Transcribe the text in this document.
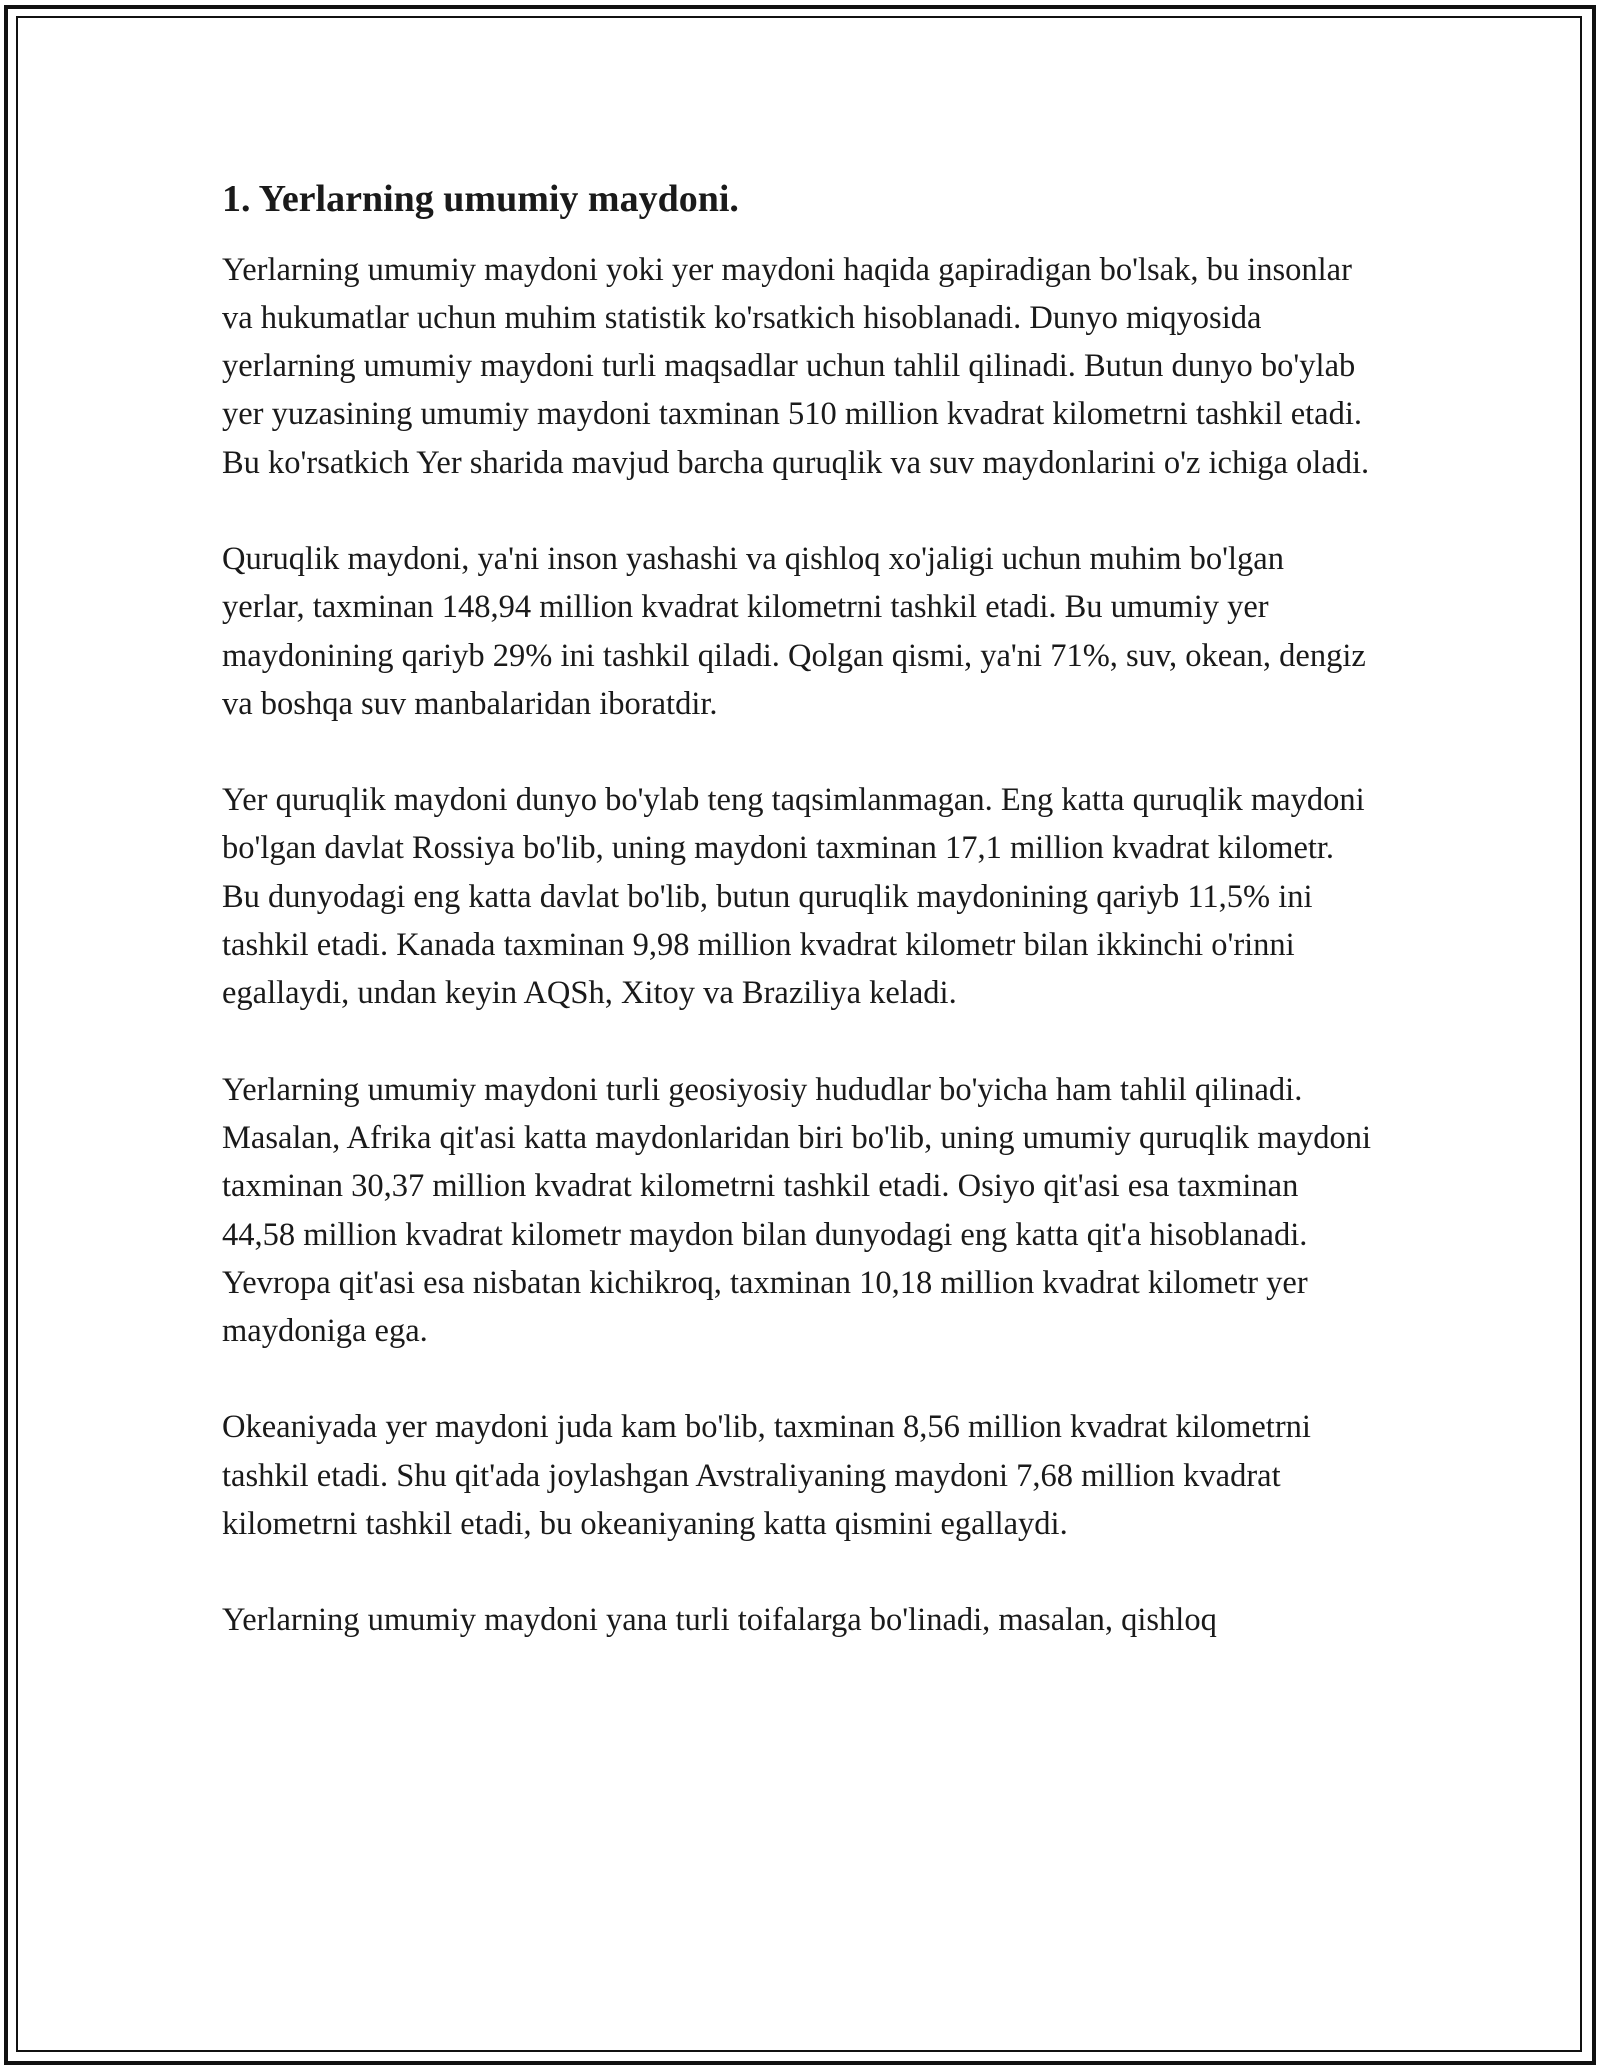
1. Yerlarning umumiy maydoni.

Yerlarning umumiy maydoni yoki yer maydoni haqida gapiradigan bo'lsak, bu insonlar va hukumatlar uchun muhim statistik ko'rsatkich hisoblanadi. Dunyo miqyosida yerlarning umumiy maydoni turli maqsadlar uchun tahlil qilinadi. Butun dunyo bo'ylab yer yuzasining umumiy maydoni taxminan 510 million kvadrat kilometrni tashkil etadi. Bu ko'rsatkich Yer sharida mavjud barcha quruqlik va suv maydonlarini o'z ichiga oladi.

Quruqlik maydoni, ya'ni inson yashashi va qishloq xo'jaligi uchun muhim bo'lgan yerlar, taxminan 148,94 million kvadrat kilometrni tashkil etadi. Bu umumiy yer maydonining qariyb 29% ini tashkil qiladi. Qolgan qismi, ya'ni 71%, suv, okean, dengiz va boshqa suv manbalaridan iboratdir.

Yer quruqlik maydoni dunyo bo'ylab teng taqsimlanmagan. Eng katta quruqlik maydoni bo'lgan davlat Rossiya bo'lib, uning maydoni taxminan 17,1 million kvadrat kilometr. Bu dunyodagi eng katta davlat bo'lib, butun quruqlik maydonining qariyb 11,5% ini tashkil etadi. Kanada taxminan 9,98 million kvadrat kilometr bilan ikkinchi o'rinni egallaydi, undan keyin AQSh, Xitoy va Braziliya keladi.

Yerlarning umumiy maydoni turli geosiyosiy hududlar bo'yicha ham tahlil qilinadi. Masalan, Afrika qit'asi katta maydonlaridan biri bo'lib, uning umumiy quruqlik maydoni taxminan 30,37 million kvadrat kilometrni tashkil etadi. Osiyo qit'asi esa taxminan 44,58 million kvadrat kilometr maydon bilan dunyodagi eng katta qit'a hisoblanadi. Yevropa qit'asi esa nisbatan kichikroq, taxminan 10,18 million kvadrat kilometr yer maydoniga ega.

Okeaniyada yer maydoni juda kam bo'lib, taxminan 8,56 million kvadrat kilometrni tashkil etadi. Shu qit'ada joylashgan Avstraliyaning maydoni 7,68 million kvadrat kilometrni tashkil etadi, bu okeaniyaning katta qismini egallaydi.

Yerlarning umumiy maydoni yana turli toifalarga bo'linadi, masalan, qishloq
